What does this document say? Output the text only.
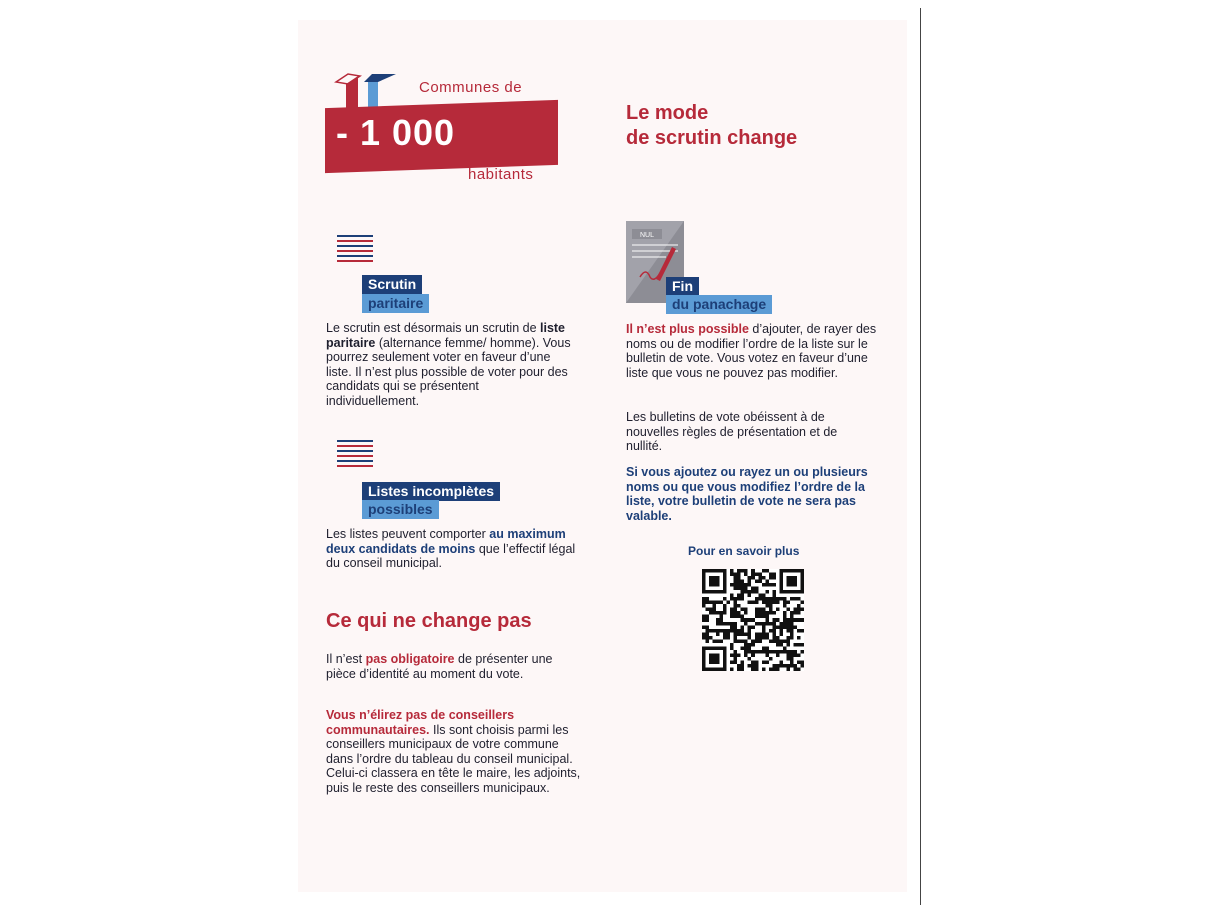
Communes de
- 1 000
habitants
Le mode
de scrutin change
Scrutin
paritaire
Le scrutin est désormais un scrutin de liste paritaire (alternance femme/ homme). Vous pourrez seulement voter en faveur d’une liste. Il n’est plus possible de voter pour des candidats qui se présentent individuellement.
Listes incomplètes
possibles
Les listes peuvent comporter au maximum deux candidats de moins que l’effectif légal du conseil municipal.
Ce qui ne change pas
Il n’est pas obligatoire de présenter une pièce d’identité au moment du vote.
Vous n’élirez pas de conseillers communautaires. Ils sont choisis parmi les conseillers municipaux de votre commune dans l’ordre du tableau du conseil municipal. Celui-ci classera en tête le maire, les adjoints, puis le reste des conseillers municipaux.
NUL
Fin
du panachage
Il n’est plus possible d’ajouter, de rayer des noms ou de modifier l’ordre de la liste sur le bulletin de vote. Vous votez en faveur d’une liste que vous ne pouvez pas modifier.
Les bulletins de vote obéissent à de nouvelles règles de présentation et de nullité.
Si vous ajoutez ou rayez un ou plusieurs noms ou que vous modifiez l’ordre de la liste, votre bulletin de vote ne sera pas valable.
Pour en savoir plus
